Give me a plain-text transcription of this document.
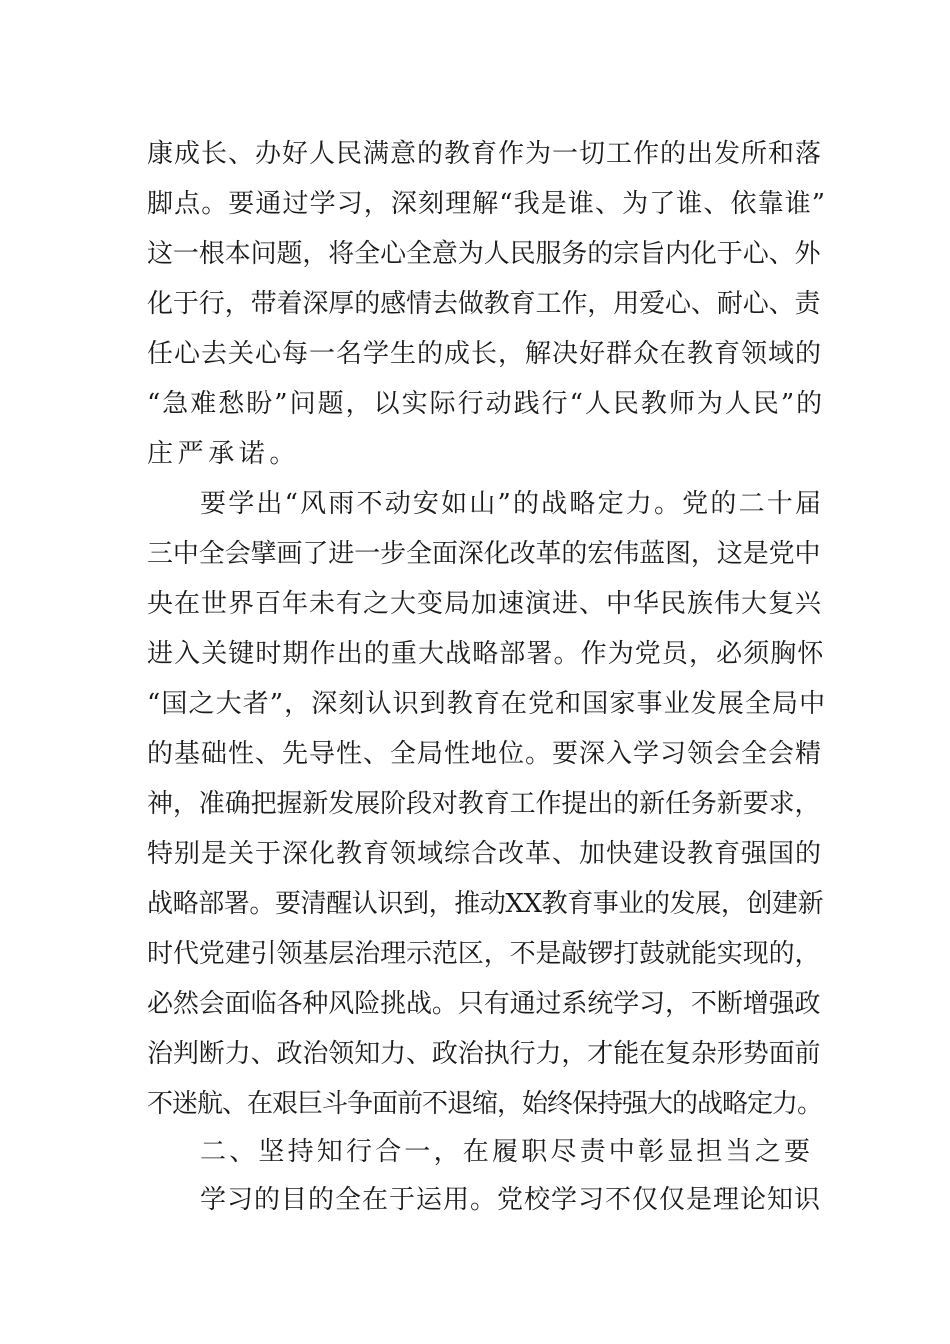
康成长、办好人民满意的教育作为一切工作的出发所和落
脚点。要通过学习，深刻理解“我是谁、为了谁、依靠谁”
这一根本问题，将全心全意为人民服务的宗旨内化于心、外
化于行，带着深厚的感情去做教育工作，用爱心、耐心、责
任心去关心每一名学生的成长，解决好群众在教育领域的
“急难愁盼”问题，以实际行动践行“人民教师为人民”的
庄严承诺。
要学出“风雨不动安如山”的战略定力。党的二十届
三中全会擘画了进一步全面深化改革的宏伟蓝图，这是党中
央在世界百年未有之大变局加速演进、中华民族伟大复兴
进入关键时期作出的重大战略部署。作为党员，必须胸怀
“国之大者”，深刻认识到教育在党和国家事业发展全局中
的基础性、先导性、全局性地位。要深入学习领会全会精
神，准确把握新发展阶段对教育工作提出的新任务新要求，
特别是关于深化教育领域综合改革、加快建设教育强国的
战略部署。要清醒认识到，推动XX教育事业的发展，创建新
时代党建引领基层治理示范区，不是敲锣打鼓就能实现的，
必然会面临各种风险挑战。只有通过系统学习，不断增强政
治判断力、政治领知力、政治执行力，才能在复杂形势面前
不迷航、在艰巨斗争面前不退缩，始终保持强大的战略定力。
二、坚持知行合一，在履职尽责中彰显担当之要
学习的目的全在于运用。党校学习不仅仅是理论知识
